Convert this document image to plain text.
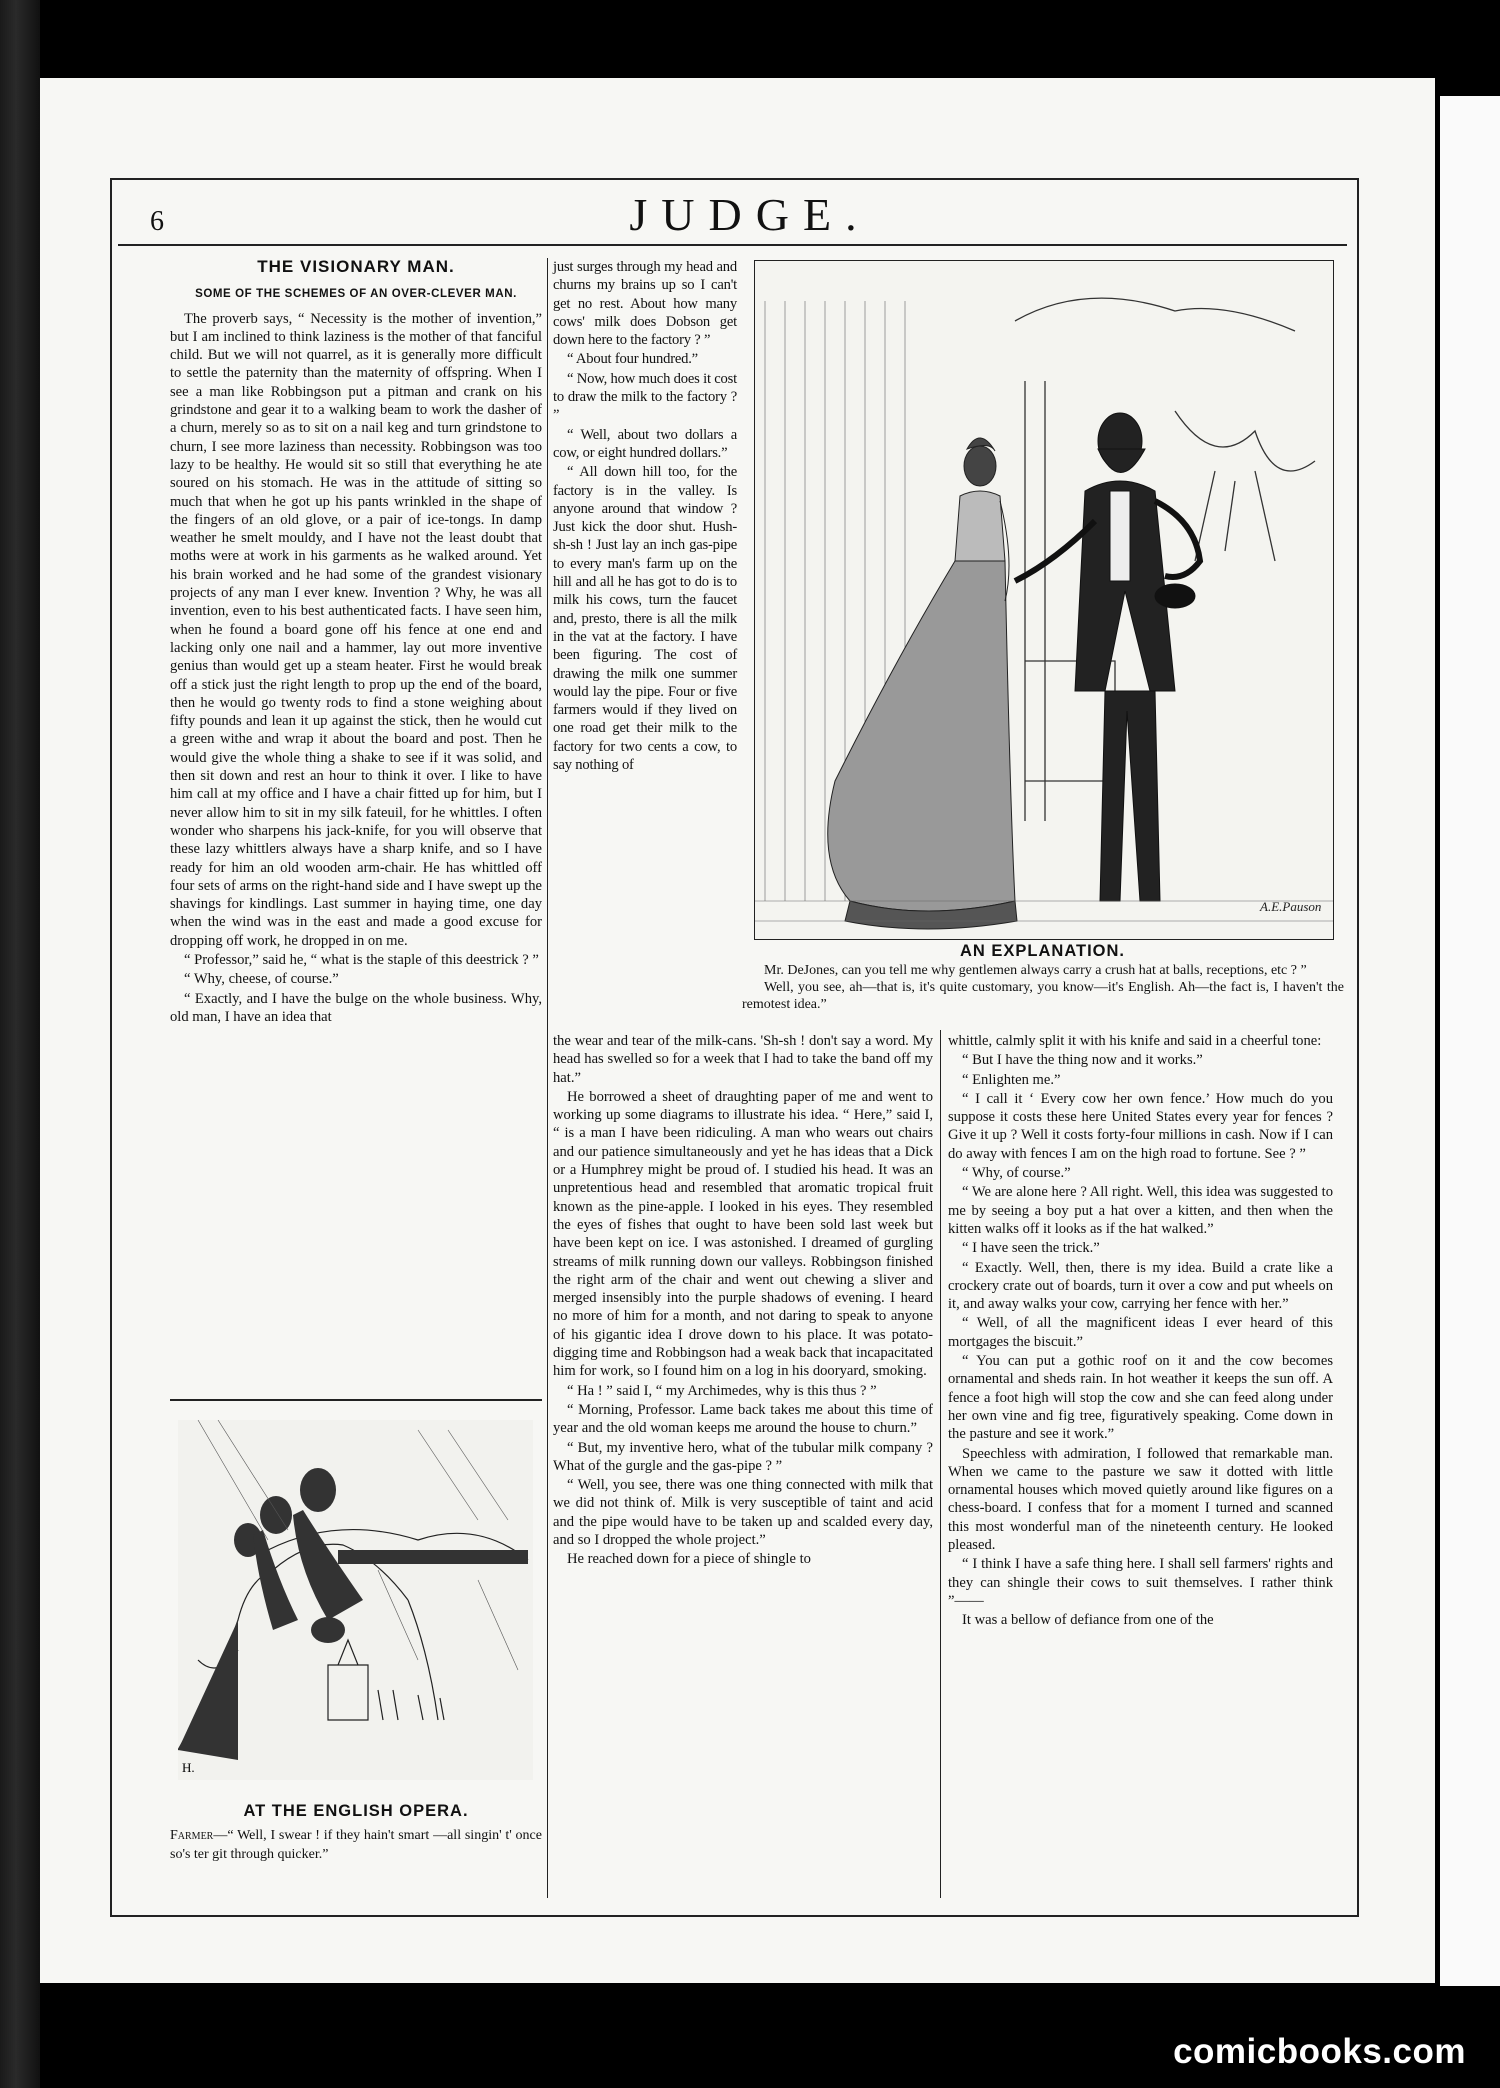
6	JUDGE.
THE VISIONARY MAN.
SOME OF THE SCHEMES OF AN OVER-CLEVER MAN.

The proverb says, “ Necessity is the mother of invention,” but I am inclined to think laziness is the mother of that fanciful child. But we will not quarrel, as it is generally more difficult to settle the paternity than the maternity of offspring. When I see a man like Robbingson put a pitman and crank on his grindstone and gear it to a walking beam to work the dasher of a churn, merely so as to sit on a nail keg and turn grindstone to churn, I see more laziness than necessity. Robbingson was too lazy to be healthy. He would sit so still that everything he ate soured on his stomach. He was in the attitude of sitting so much that when he got up his pants wrinkled in the shape of the fingers of an old glove, or a pair of ice-tongs. In damp weather he smelt mouldy, and I have not the least doubt that moths were at work in his garments as he walked around. Yet his brain worked and he had some of the grandest visionary projects of any man I ever knew. Invention ? Why, he was all invention, even to his best authenticated facts. I have seen him, when he found a board gone off his fence at one end and lacking only one nail and a hammer, lay out more inventive genius than would get up a steam heater. First he would break off a stick just the right length to prop up the end of the board, then he would go twenty rods to find a stone weighing about fifty pounds and lean it up against the stick, then he would cut a green withe and wrap it about the board and post. Then he would give the whole thing a shake to see if it was solid, and then sit down and rest an hour to think it over. I like to have him call at my office and I have a chair fitted up for him, but I never allow him to sit in my silk fateuil, for he whittles. I often wonder who sharpens his jack-knife, for you will observe that these lazy whittlers always have a sharp knife, and so I have ready for him an old wooden arm-chair. He has whittled off four sets of arms on the right-hand side and I have swept up the shavings for kindlings. Last summer in haying time, one day when the wind was in the east and made a good excuse for dropping off work, he dropped in on me.

“ Professor,” said he, “ what is the staple of this deestrick ? ”

“ Why, cheese, of course.”

“ Exactly, and I have the bulge on the whole business. Why, old man, I have an idea that

H.
AT THE ENGLISH OPERA.

Farmer—“ Well, I swear ! if they hain't smart —all singin' t' once so's ter git through quicker.”

just surges through my head and churns my brains up so I can't get no rest. About how many cows' milk does Dobson get down here to the factory ? ”

“ About four hundred.”

“ Now, how much does it cost to draw the milk to the factory ? ”

“ Well, about two dollars a cow, or eight hundred dollars.”

“ All down hill too, for the factory is in the valley. Is anyone around that window ? Just kick the door shut. Hush-sh-sh ! Just lay an inch gas-pipe to every man's farm up on the hill and all he has got to do is to milk his cows, turn the faucet and, presto, there is all the milk in the vat at the factory. I have been figuring. The cost of drawing the milk one summer would lay the pipe. Four or five farmers would if they lived on one road get their milk to the factory for two cents a cow, to say nothing of

A.E.Pauson
AN EXPLANATION.

Mr. DeJones, can you tell me why gentlemen always carry a crush hat at balls, receptions, etc ? ”

Well, you see, ah—that is, it's quite customary, you know—it's English. Ah—the fact is, I haven't the remotest idea.”

the wear and tear of the milk-cans. 'Sh-sh ! don't say a word. My head has swelled so for a week that I had to take the band off my hat.”

He borrowed a sheet of draughting paper of me and went to working up some diagrams to illustrate his idea. “ Here,” said I, “ is a man I have been ridiculing. A man who wears out chairs and our patience simultaneously and yet he has ideas that a Dick or a Humphrey might be proud of. I studied his head. It was an unpretentious head and resembled that aromatic tropical fruit known as the pine-apple. I looked in his eyes. They resembled the eyes of fishes that ought to have been sold last week but have been kept on ice. I was astonished. I dreamed of gurgling streams of milk running down our valleys. Robbingson finished the right arm of the chair and went out chewing a sliver and merged insensibly into the purple shadows of evening. I heard no more of him for a month, and not daring to speak to anyone of his gigantic idea I drove down to his place. It was potato-digging time and Robbingson had a weak back that incapacitated him for work, so I found him on a log in his dooryard, smoking.

“ Ha ! ” said I, “ my Archimedes, why is this thus ? ”

“ Morning, Professor. Lame back takes me about this time of year and the old woman keeps me around the house to churn.”

“ But, my inventive hero, what of the tubular milk company ? What of the gurgle and the gas-pipe ? ”

“ Well, you see, there was one thing connected with milk that we did not think of. Milk is very susceptible of taint and acid and the pipe would have to be taken up and scalded every day, and so I dropped the whole project.”

He reached down for a piece of shingle to

whittle, calmly split it with his knife and said in a cheerful tone:

“ But I have the thing now and it works.”

“ Enlighten me.”

“ I call it ‘ Every cow her own fence.’ How much do you suppose it costs these here United States every year for fences ? Give it up ? Well it costs forty-four millions in cash. Now if I can do away with fences I am on the high road to fortune. See ? ”

“ Why, of course.”

“ We are alone here ? All right. Well, this idea was suggested to me by seeing a boy put a hat over a kitten, and then when the kitten walks off it looks as if the hat walked.”

“ I have seen the trick.”

“ Exactly. Well, then, there is my idea. Build a crate like a crockery crate out of boards, turn it over a cow and put wheels on it, and away walks your cow, carrying her fence with her.”

“ Well, of all the magnificent ideas I ever heard of this mortgages the biscuit.”

“ You can put a gothic roof on it and the cow becomes ornamental and sheds rain. In hot weather it keeps the sun off. A fence a foot high will stop the cow and she can feed along under her own vine and fig tree, figuratively speaking. Come down in the pasture and see it work.”

Speechless with admiration, I followed that remarkable man. When we came to the pasture we saw it dotted with little ornamental houses which moved quietly around like figures on a chess-board. I confess that for a moment I turned and scanned this most wonderful man of the nineteenth century. He looked pleased.

“ I think I have a safe thing here. I shall sell farmers' rights and they can shingle their cows to suit themselves. I rather think ”——

It was a bellow of defiance from one of the

comicbooks.com
